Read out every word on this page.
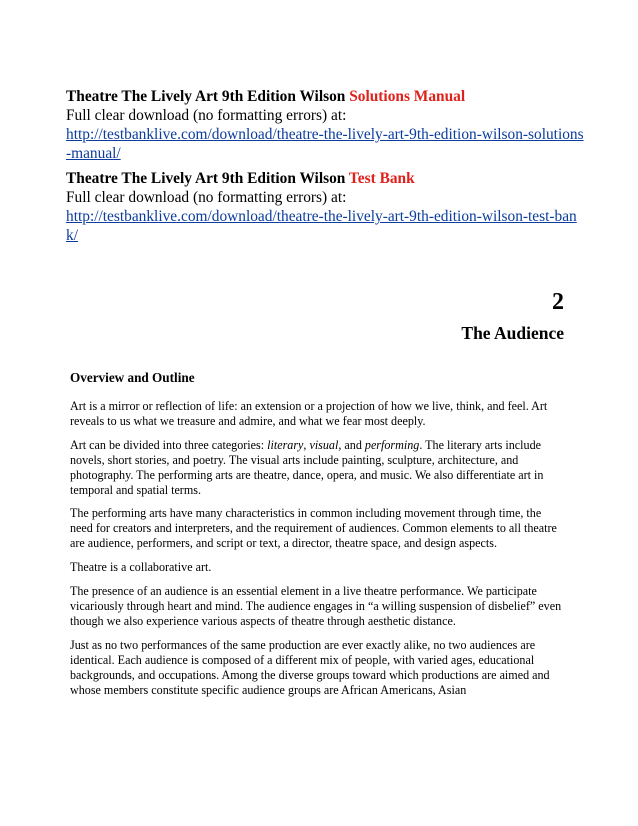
Theatre The Lively Art 9th Edition Wilson Solutions Manual
Full clear download (no formatting errors) at:
http://testbanklive.com/download/theatre-the-lively-art-9th-edition-wilson-solutions-manual/
Theatre The Lively Art 9th Edition Wilson Test Bank
Full clear download (no formatting errors) at:
http://testbanklive.com/download/theatre-the-lively-art-9th-edition-wilson-test-bank/
2
The Audience
Overview and Outline

Art is a mirror or reflection of life: an extension or a projection of how we live, think, and feel. Art reveals to us what we treasure and admire, and what we fear most deeply.

Art can be divided into three categories: literary, visual, and performing. The literary arts include novels, short stories, and poetry. The visual arts include painting, sculpture, architecture, and photography. The performing arts are theatre, dance, opera, and music. We also differentiate art in temporal and spatial terms.

The performing arts have many characteristics in common including movement through time, the need for creators and interpreters, and the requirement of audiences. Common elements to all theatre are audience, performers, and script or text, a director, theatre space, and design aspects.

Theatre is a collaborative art.

The presence of an audience is an essential element in a live theatre performance. We participate vicariously through heart and mind. The audience engages in “a willing suspension of disbelief” even though we also experience various aspects of theatre through aesthetic distance.

Just as no two performances of the same production are ever exactly alike, no two audiences are identical. Each audience is composed of a different mix of people, with varied ages, educational backgrounds, and occupations. Among the diverse groups toward which productions are aimed and whose members constitute specific audience groups are African Americans, Asian
